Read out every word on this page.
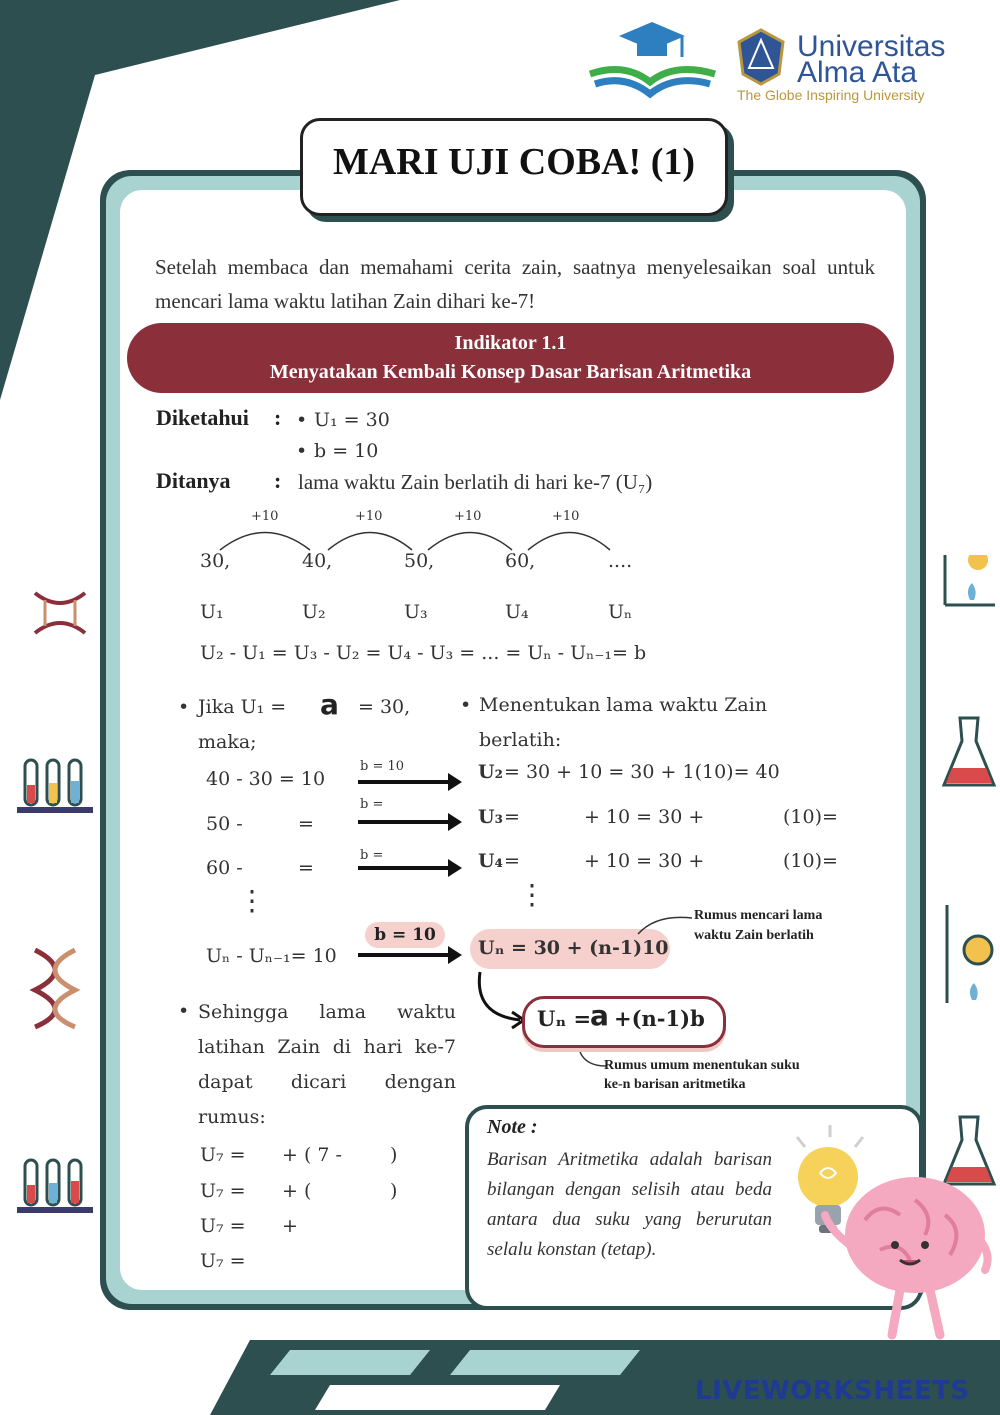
Universitas
Alma Ata
The Globe Inspiring University
MARI UJI COBA! (1)
Setelah membaca dan memahami cerita zain, saatnya menyelesaikan soal untuk mencari lama waktu latihan Zain dihari ke-7!
Indikator 1.1
Menyatakan Kembali Konsep Dasar Barisan Aritmetika
Diketahui : • U₁ = 30
• b = 10
Ditanya : lama waktu Zain berlatih di hari ke-7 (U₇)
+10	+10	+10	+10
30,	40,	50,	60,	....
U₁	U₂	U₃	U₄	Uₙ
U₂ - U₁ = U₃ - U₂ = U₄ - U₃ = ... = Uₙ - Uₙ₋₁= b
• Jika U₁ = a = 30,
maka;
40 - 30 = 10
50 -	=
60 -	=
⋮
Uₙ - Uₙ₋₁= 10
b = 10
b =
b =
b = 10
• Menentukan lama waktu Zain
berlatih:
U₂ = 30 + 10 = 30 + 1(10)= 40
U₃ =	+ 10 = 30 +	(10)=
U₄ =	+ 10 = 30 +	(10)=
⋮
Uₙ = 30 + (n-1)10
Rumus mencari lama
waktu Zain berlatih
Uₙ =
a +(n-1)b
Rumus umum menentukan suku
ke-n barisan aritmetika
• Sehingga lama waktu latihan Zain di hari ke-7 dapat dicari dengan rumus:
U₇ = + ( 7 -	)
U₇ = + (	)
U₇ = +
U₇ =
Note :
Barisan Aritmetika adalah barisan bilangan dengan selisih atau beda antara dua suku yang berurutan selalu konstan (tetap).
LIVEWORKSHEETS
